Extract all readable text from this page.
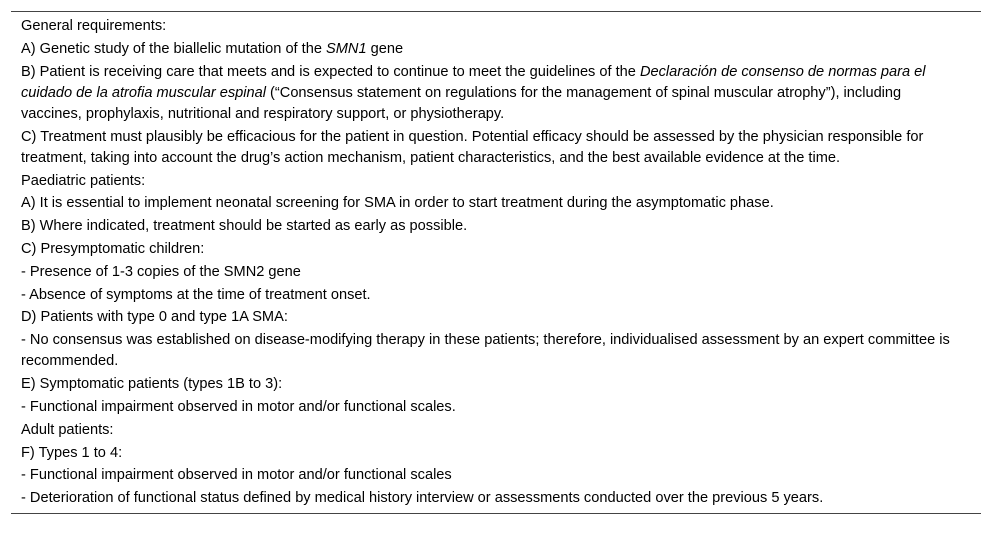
General requirements:
A) Genetic study of the biallelic mutation of the SMN1 gene
B) Patient is receiving care that meets and is expected to continue to meet the guidelines of the Declaración de consenso de normas para el cuidado de la atrofia muscular espinal (“Consensus statement on regulations for the management of spinal muscular atrophy”), including vaccines, prophylaxis, nutritional and respiratory support, or physiotherapy.
C) Treatment must plausibly be efficacious for the patient in question. Potential efficacy should be assessed by the physician responsible for treatment, taking into account the drug’s action mechanism, patient characteristics, and the best available evidence at the time.
Paediatric patients:
A) It is essential to implement neonatal screening for SMA in order to start treatment during the asymptomatic phase.
B) Where indicated, treatment should be started as early as possible.
C) Presymptomatic children:
- Presence of 1-3 copies of the SMN2 gene
- Absence of symptoms at the time of treatment onset.
D) Patients with type 0 and type 1A SMA:
- No consensus was established on disease-modifying therapy in these patients; therefore, individualised assessment by an expert committee is recommended.
E) Symptomatic patients (types 1B to 3):
- Functional impairment observed in motor and/or functional scales.
Adult patients:
F) Types 1 to 4:
- Functional impairment observed in motor and/or functional scales
- Deterioration of functional status defined by medical history interview or assessments conducted over the previous 5 years.
